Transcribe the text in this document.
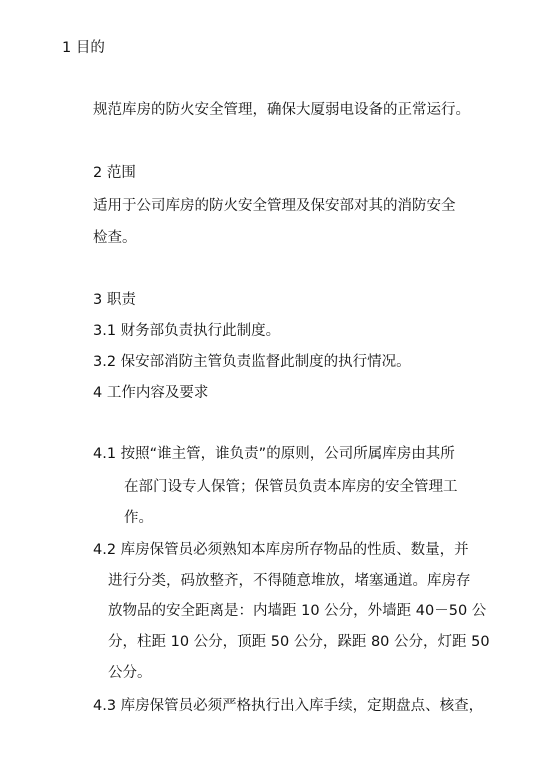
1 目的
规范库房的防火安全管理，确保大厦弱电设备的正常运行。
2 范围
适用于公司库房的防火安全管理及保安部对其的消防安全
检查。
3 职责
3.1 财务部负责执行此制度。
3.2 保安部消防主管负责监督此制度的执行情况。
4 工作内容及要求
4.1 按照“谁主管，谁负责”的原则，公司所属库房由其所
在部门设专人保管；保管员负责本库房的安全管理工
作。
4.2 库房保管员必须熟知本库房所存物品的性质、数量，并
进行分类，码放整齐，不得随意堆放，堵塞通道。库房存
放物品的安全距离是：内墙距 10 公分，外墙距 40－50 公
分，柱距 10 公分，顶距 50 公分，跺距 80 公分，灯距 50
公分。
4.3 库房保管员必须严格执行出入库手续，定期盘点、核查，
